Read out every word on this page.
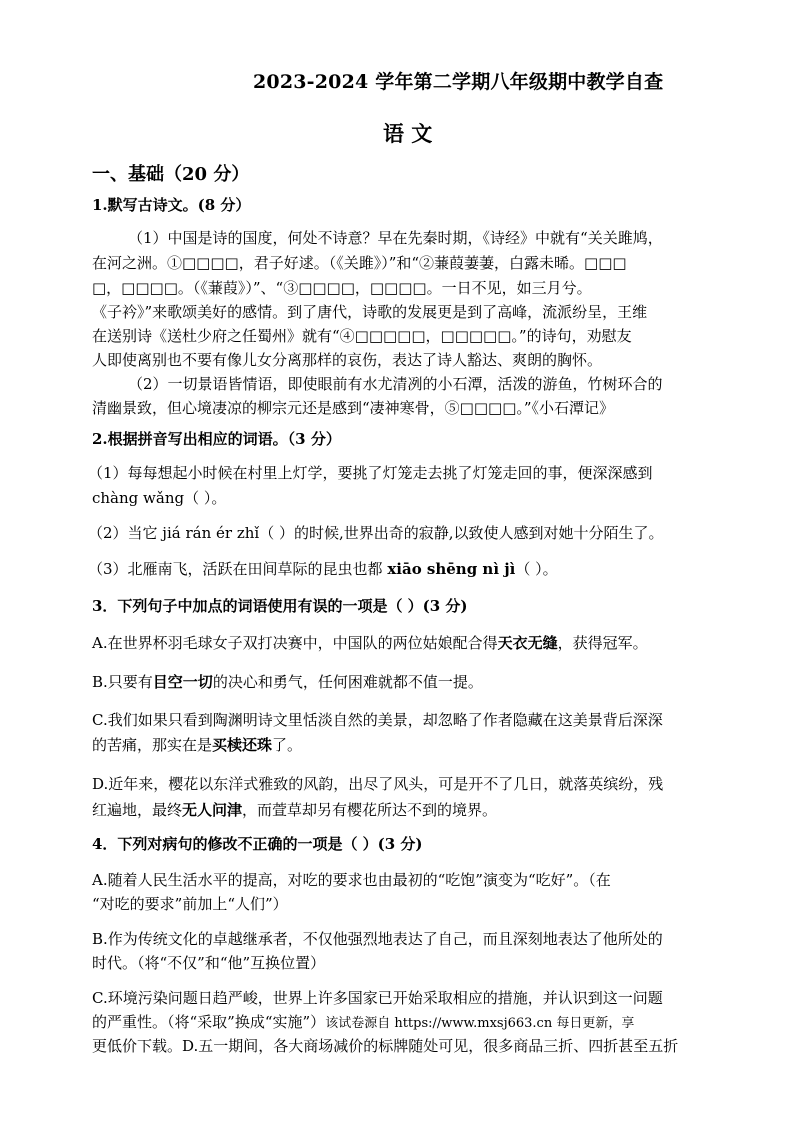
2023-2024 学年第二学期八年级期中教学自查
语 文
一、基础（20 分）
1.默写古诗文。(8 分）
（1）中国是诗的国度，何处不诗意？早在先秦时期，《诗经》中就有“关关雎鸠，
在河之洲。①□□□□，君子好逑。（《关雎》）”和“②蒹葭萋萋，白露未晞。□□□
□，□□□□。（《蒹葭》）”、“③□□□□，□□□□。一日不见，如三月兮。
《子衿》”来歌颂美好的感情。到了唐代，诗歌的发展更是到了高峰，流派纷呈，王维
在送别诗《送杜少府之任蜀州》就有“④□□□□□，□□□□□。”的诗句，劝慰友
人即使离别也不要有像儿女分离那样的哀伤，表达了诗人豁达、爽朗的胸怀。
（2）一切景语皆情语，即使眼前有水尤清冽的小石潭，活泼的游鱼，竹树环合的
清幽景致，但心境凄凉的柳宗元还是感到“凄神寒骨，⑤□□□□。”《小石潭记》
2.根据拼音写出相应的词语。（3 分）
（1）每每想起小时候在村里上灯学，要挑了灯笼走去挑了灯笼走回的事，便深深感到
chàng wǎng（ ）。
（2）当它 jiá rán ér zhǐ（ ）的时候,世界出奇的寂静,以致使人感到对她十分陌生了。
（3）北雁南飞，活跃在田间草际的昆虫也都 xiāo shēng nì jì（ ）。
3．下列句子中加点的词语使用有误的一项是（ ）(3 分)
A.在世界杯羽毛球女子双打决赛中，中国队的两位姑娘配合得天衣无缝，获得冠军。
B.只要有目空一切的决心和勇气，任何困难就都不值一提。
C.我们如果只看到陶渊明诗文里恬淡自然的美景，却忽略了作者隐藏在这美景背后深深
的苦痛，那实在是买椟还珠了。
D.近年来，樱花以东洋式雅致的风韵，出尽了风头，可是开不了几日，就落英缤纷，残
红遍地，最终无人问津，而萱草却另有樱花所达不到的境界。
4．下列对病句的修改不正确的一项是（ ）(3 分)
A.随着人民生活水平的提高，对吃的要求也由最初的“吃饱”演变为“吃好”。（在
“对吃的要求”前加上“人们”）
B.作为传统文化的卓越继承者，不仅他强烈地表达了自己，而且深刻地表达了他所处的
时代。（将“不仅”和“他”互换位置）
C.环境污染问题日趋严峻，世界上许多国家已开始采取相应的措施，并认识到这一问题
的严重性。（将“采取”换成“实施”）该试卷源自 https://www.mxsj663.cn 每日更新，享
更低价下载。D.五一期间，各大商场减价的标牌随处可见，很多商品三折、四折甚至五折
